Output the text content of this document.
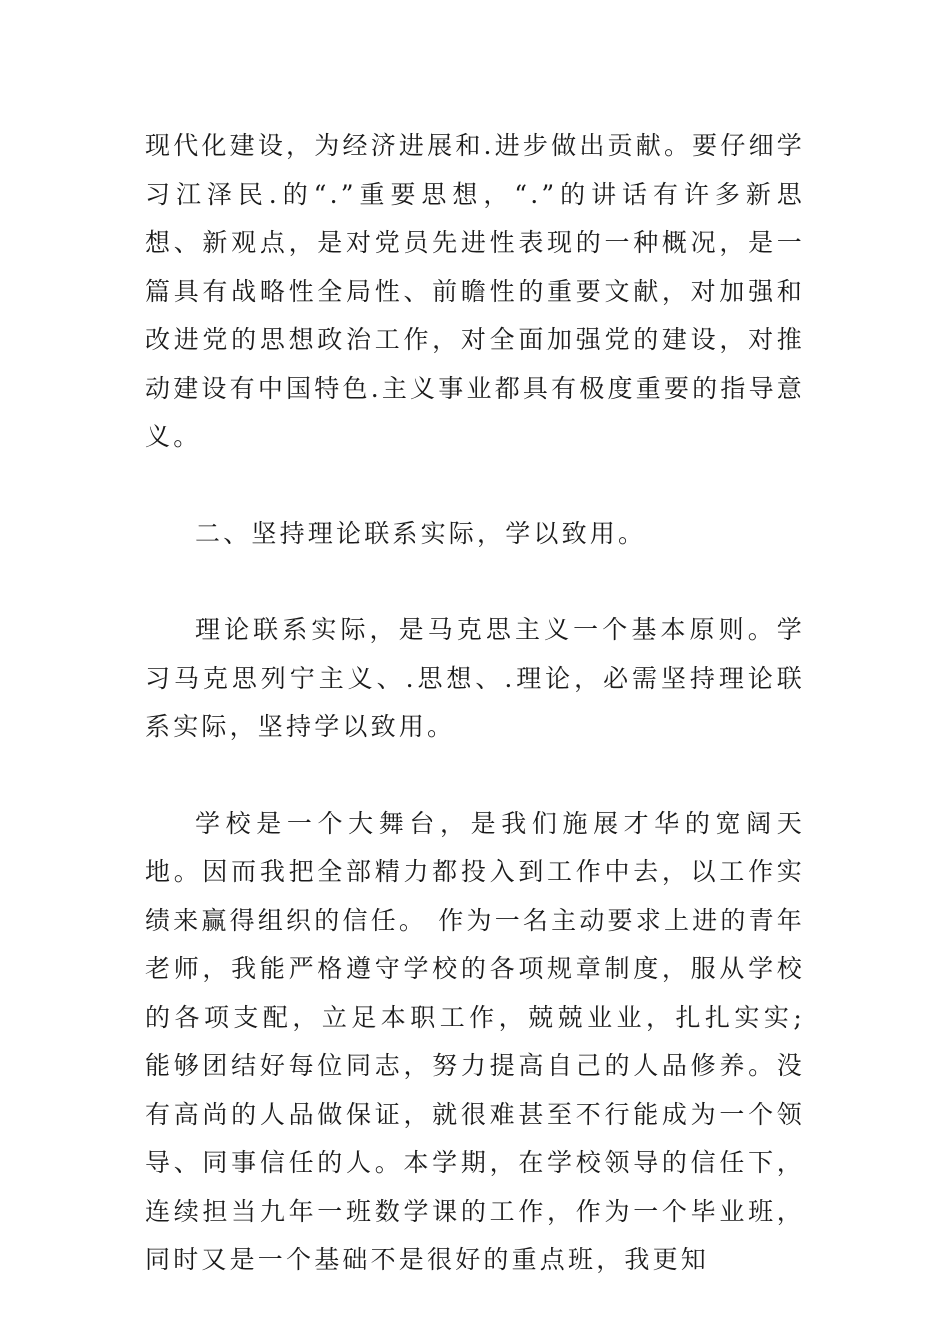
现代化建设，为经济进展和.进步做出贡献。要仔细学习江泽民.的“.”重要思想，“.”的讲话有许多新思想、新观点，是对党员先进性表现的一种概况，是一篇具有战略性全局性、前瞻性的重要文献，对加强和改进党的思想政治工作，对全面加强党的建设，对推动建设有中国特色.主义事业都具有极度重要的指导意义。

二、坚持理论联系实际，学以致用。

理论联系实际，是马克思主义一个基本原则。学习马克思列宁主义、.思想、.理论，必需坚持理论联系实际，坚持学以致用。

学校是一个大舞台，是我们施展才华的宽阔天地。因而我把全部精力都投入到工作中去，以工作实绩来赢得组织的信任。 作为一名主动要求上进的青年老师，我能严格遵守学校的各项规章制度，服从学校的各项支配，立足本职工作，兢兢业业，扎扎实实;能够团结好每位同志，努力提高自己的人品修养。没有高尚的人品做保证，就很难甚至不行能成为一个领导、同事信任的人。本学期，在学校领导的信任下，连续担当九年一班数学课的工作，作为一个毕业班，同时又是一个基础不是很好的重点班，我更知
